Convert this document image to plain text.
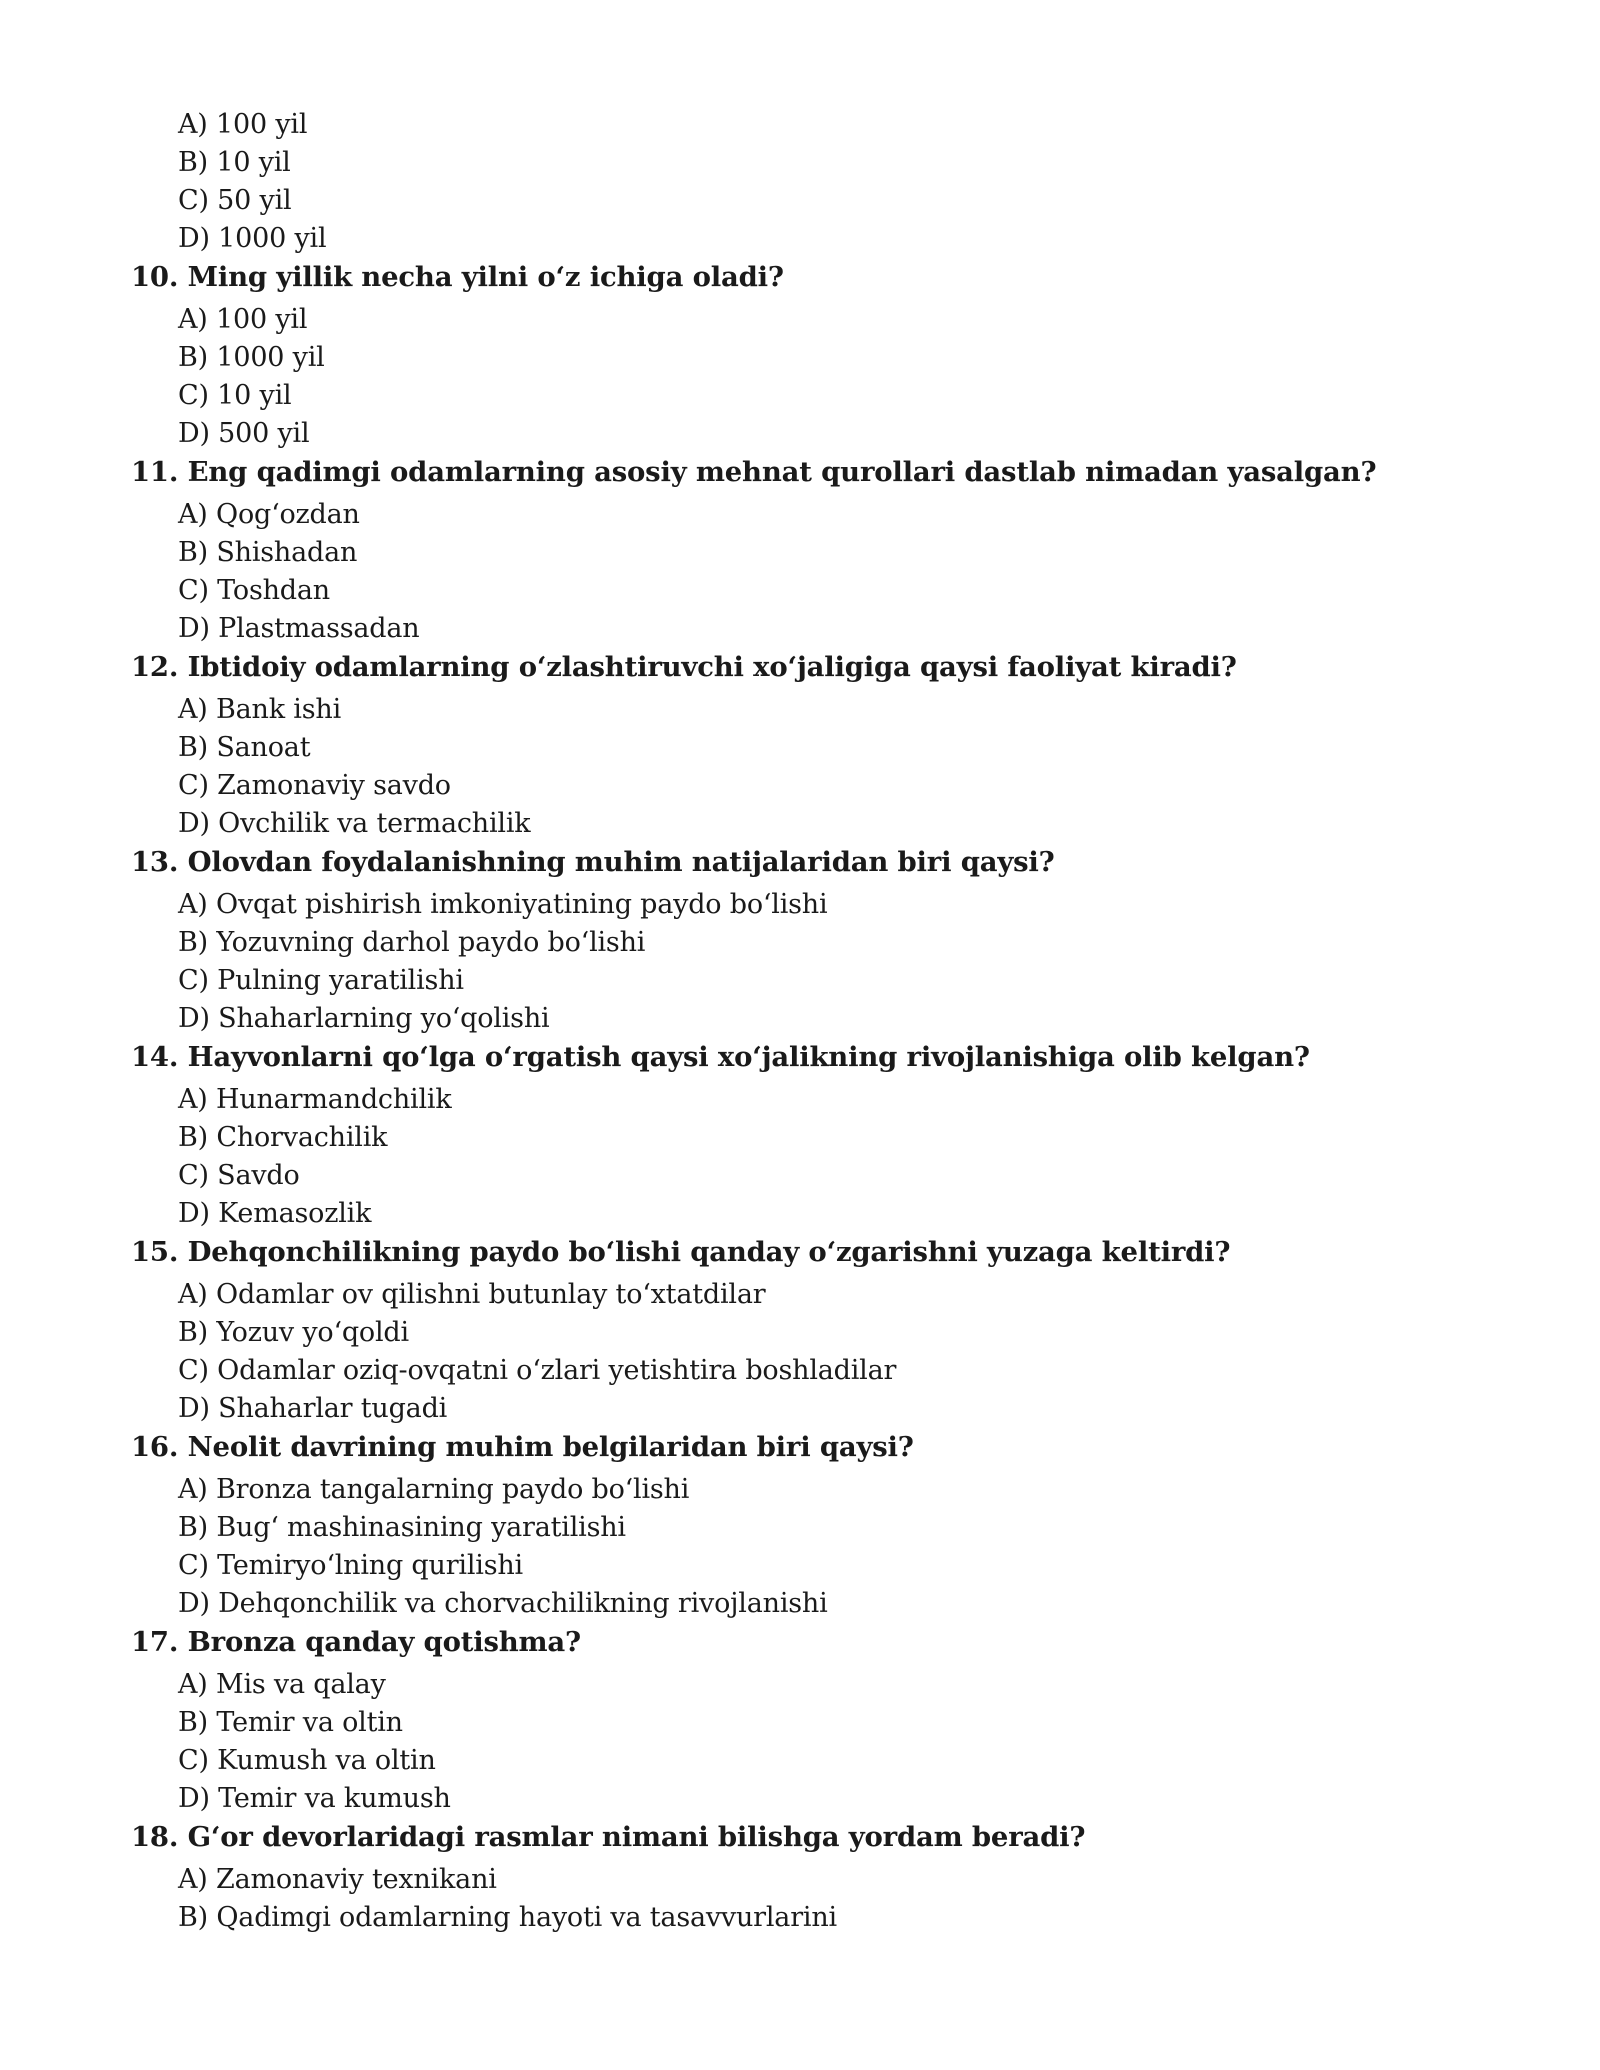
A) 100 yil
B) 10 yil
C) 50 yil
D) 1000 yil
10. Ming yillik necha yilni o‘z ichiga oladi?
A) 100 yil
B) 1000 yil
C) 10 yil
D) 500 yil
11. Eng qadimgi odamlarning asosiy mehnat qurollari dastlab nimadan yasalgan?
A) Qog‘ozdan
B) Shishadan
C) Toshdan
D) Plastmassadan
12. Ibtidoiy odamlarning o‘zlashtiruvchi xo‘jaligiga qaysi faoliyat kiradi?
A) Bank ishi
B) Sanoat
C) Zamonaviy savdo
D) Ovchilik va termachilik
13. Olovdan foydalanishning muhim natijalaridan biri qaysi?
A) Ovqat pishirish imkoniyatining paydo bo‘lishi
B) Yozuvning darhol paydo bo‘lishi
C) Pulning yaratilishi
D) Shaharlarning yo‘qolishi
14. Hayvonlarni qo‘lga o‘rgatish qaysi xo‘jalikning rivojlanishiga olib kelgan?
A) Hunarmandchilik
B) Chorvachilik
C) Savdo
D) Kemasozlik
15. Dehqonchilikning paydo bo‘lishi qanday o‘zgarishni yuzaga keltirdi?
A) Odamlar ov qilishni butunlay to‘xtatdilar
B) Yozuv yo‘qoldi
C) Odamlar oziq-ovqatni o‘zlari yetishtira boshladilar
D) Shaharlar tugadi
16. Neolit davrining muhim belgilaridan biri qaysi?
A) Bronza tangalarning paydo bo‘lishi
B) Bug‘ mashinasining yaratilishi
C) Temiryo‘lning qurilishi
D) Dehqonchilik va chorvachilikning rivojlanishi
17. Bronza qanday qotishma?
A) Mis va qalay
B) Temir va oltin
C) Kumush va oltin
D) Temir va kumush
18. G‘or devorlaridagi rasmlar nimani bilishga yordam beradi?
A) Zamonaviy texnikani
B) Qadimgi odamlarning hayoti va tasavvurlarini
